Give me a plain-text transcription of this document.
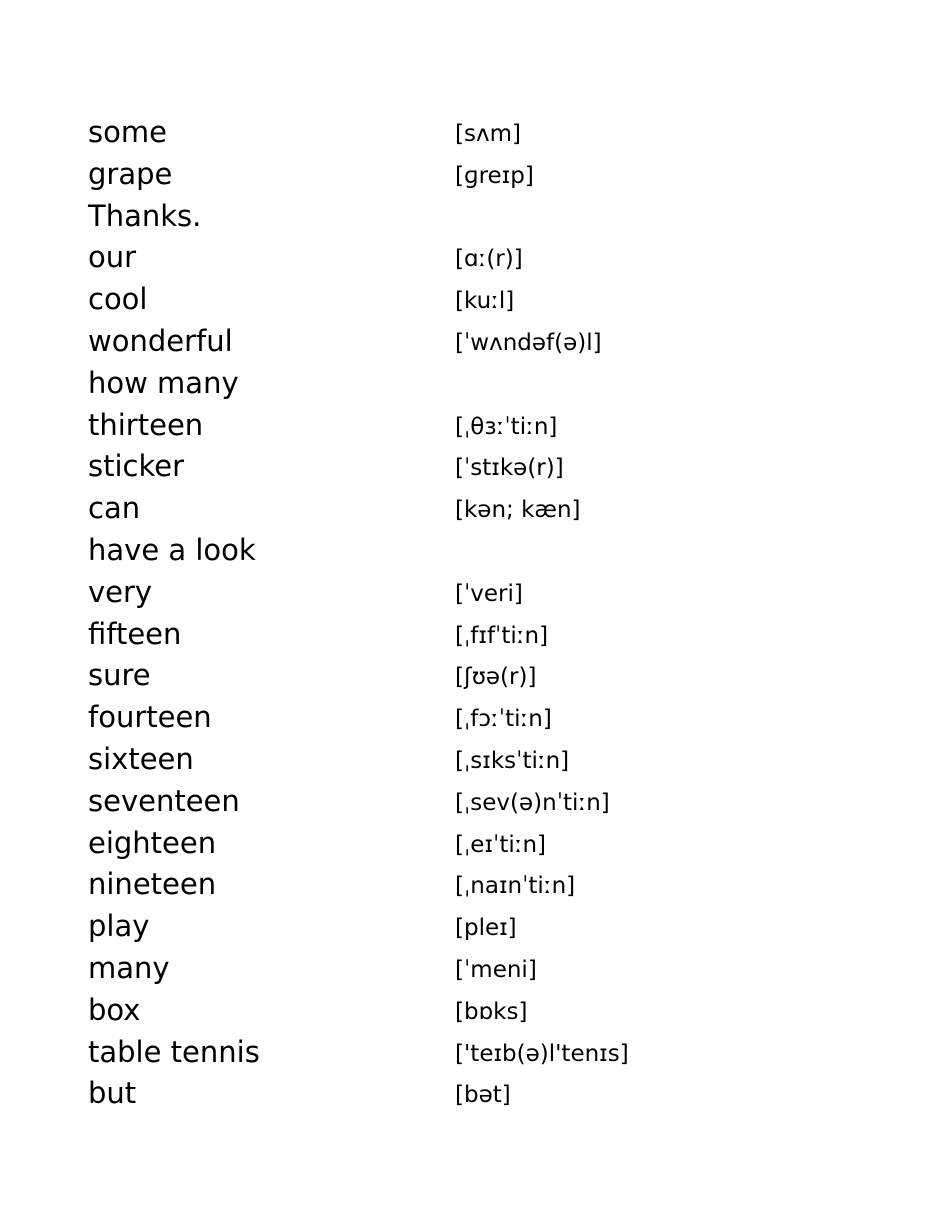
some	[sʌm]
grape	[ɡreɪp]
Thanks.
our	[ɑː(r)]
cool	[kuːl]
wonderful	[ˈwʌndəf(ə)l]
how many
thirteen	[ˌθɜːˈtiːn]
sticker	[ˈstɪkə(r)]
can	[kən; kæn]
have a look
very	[ˈveri]
fifteen	[ˌfɪfˈtiːn]
sure	[ʃʊə(r)]
fourteen	[ˌfɔːˈtiːn]
sixteen	[ˌsɪksˈtiːn]
seventeen	[ˌsev(ə)nˈtiːn]
eighteen	[ˌeɪˈtiːn]
nineteen	[ˌnaɪnˈtiːn]
play	[pleɪ]
many	[ˈmeni]
box	[bɒks]
table tennis	['teɪb(ə)l'tenɪs]
but	[bət]
